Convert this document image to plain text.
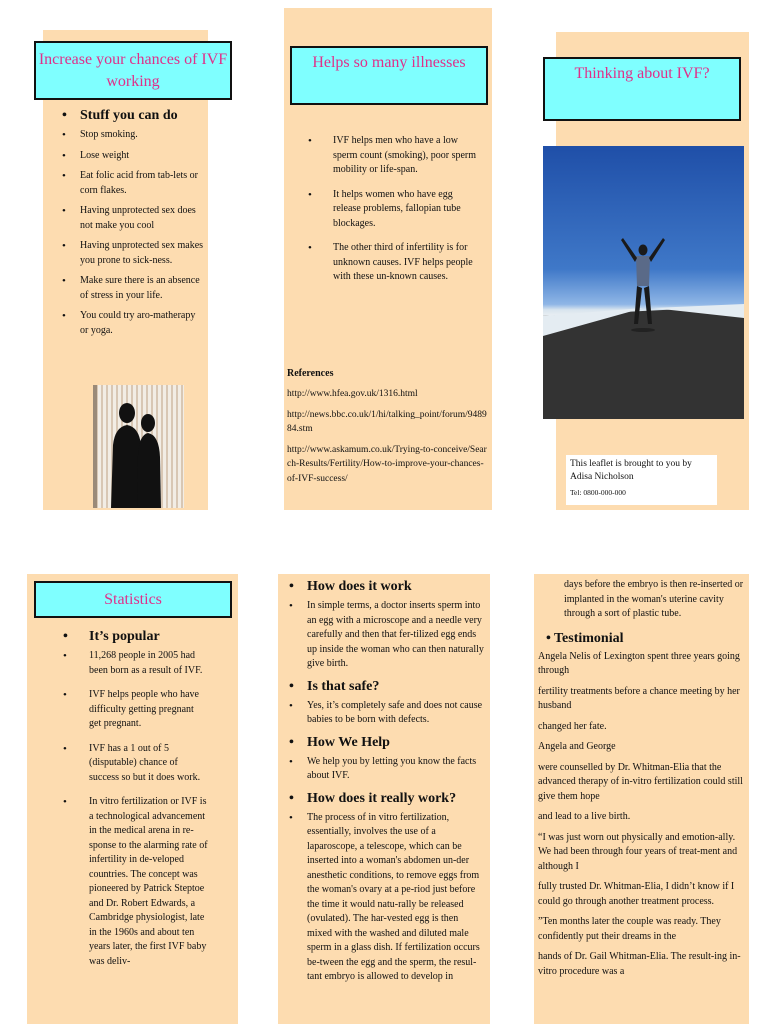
Increase your chances of IVF working
• Stuff you can do
• Stop smoking.
• Lose weight
• Eat folic acid from tab-lets or corn flakes.
• Having unprotected sex does not make you cool
• Having unprotected sex makes you prone to sick-ness.
• Make sure there is an absence of stress in your life.
• You could try aro-matherapy or yoga.
Helps so many illnesses
• IVF helps men who have a low sperm count (smoking), poor sperm mobility or life-span.
• It helps women who have egg release problems, fallopian tube blockages.
• The other third of infertility is for unknown causes. IVF helps people with these un-known causes.
References
http://www.hfea.gov.uk/1316.html
http://news.bbc.co.uk/1/hi/talking_point/forum/948984.stm
http://www.askamum.co.uk/Trying-to-conceive/Search-Results/Fertility/How-to-improve-your-chances-of-IVF-success/
Thinking about IVF?
This leaflet is brought to you by Adisa Nicholson
Tel: 0800-000-000
Statistics
• It’s popular
• 11,268 people in 2005 had been born as a result of IVF.
• IVF helps people who have difficulty getting pregnant get pregnant.
• IVF has a 1 out of 5 (disputable) chance of success so but it does work.
• In vitro fertilization or IVF is a technological advancement in the medical arena in re-sponse to the alarming rate of infertility in de-veloped countries. The concept was pioneered by Patrick Steptoe and Dr. Robert Edwards, a Cambridge physiologist, late in the 1960s and about ten years later, the first IVF baby was deliv-
• How does it work
• In simple terms, a doctor inserts sperm into an egg with a microscope and a needle very carefully and then that fer-tilized egg ends up inside the woman who can then naturally give birth.
• Is that safe?
• Yes, it’s completely safe and does not cause babies to be born with defects.
• How We Help
• We help you by letting you know the facts about IVF.
• How does it really work?
• The process of in vitro fertilization, essentially, involves the use of a laparoscope, a telescope, which can be inserted into a woman's abdomen un-der anesthetic conditions, to remove eggs from the woman's ovary at a pe-riod just before the time it would natu-rally be released (ovulated). The har-vested egg is then mixed with the washed and diluted male sperm in a glass dish. If fertilization occurs be-tween the egg and the sperm, the resul-tant embryo is allowed to develop in
days before the embryo is then re-inserted or implanted in the woman's uterine cavity through a sort of plastic tube.
• Testimonial
Angela Nelis of Lexington spent three years going through
fertility treatments before a chance meeting by her husband
changed her fate.
Angela and George
were counselled by Dr. Whitman-Elia that the advanced therapy of in-vitro fertilization could still give them hope
and lead to a live birth.
“I was just worn out physically and emotion-ally. We had been through four years of treat-ment and although I
fully trusted Dr. Whitman-Elia, I didn’t know if I could go through another treatment process.
”Ten months later the couple was ready. They confidently put their dreams in the
hands of Dr. Gail Whitman-Elia. The result-ing in-vitro procedure was a
